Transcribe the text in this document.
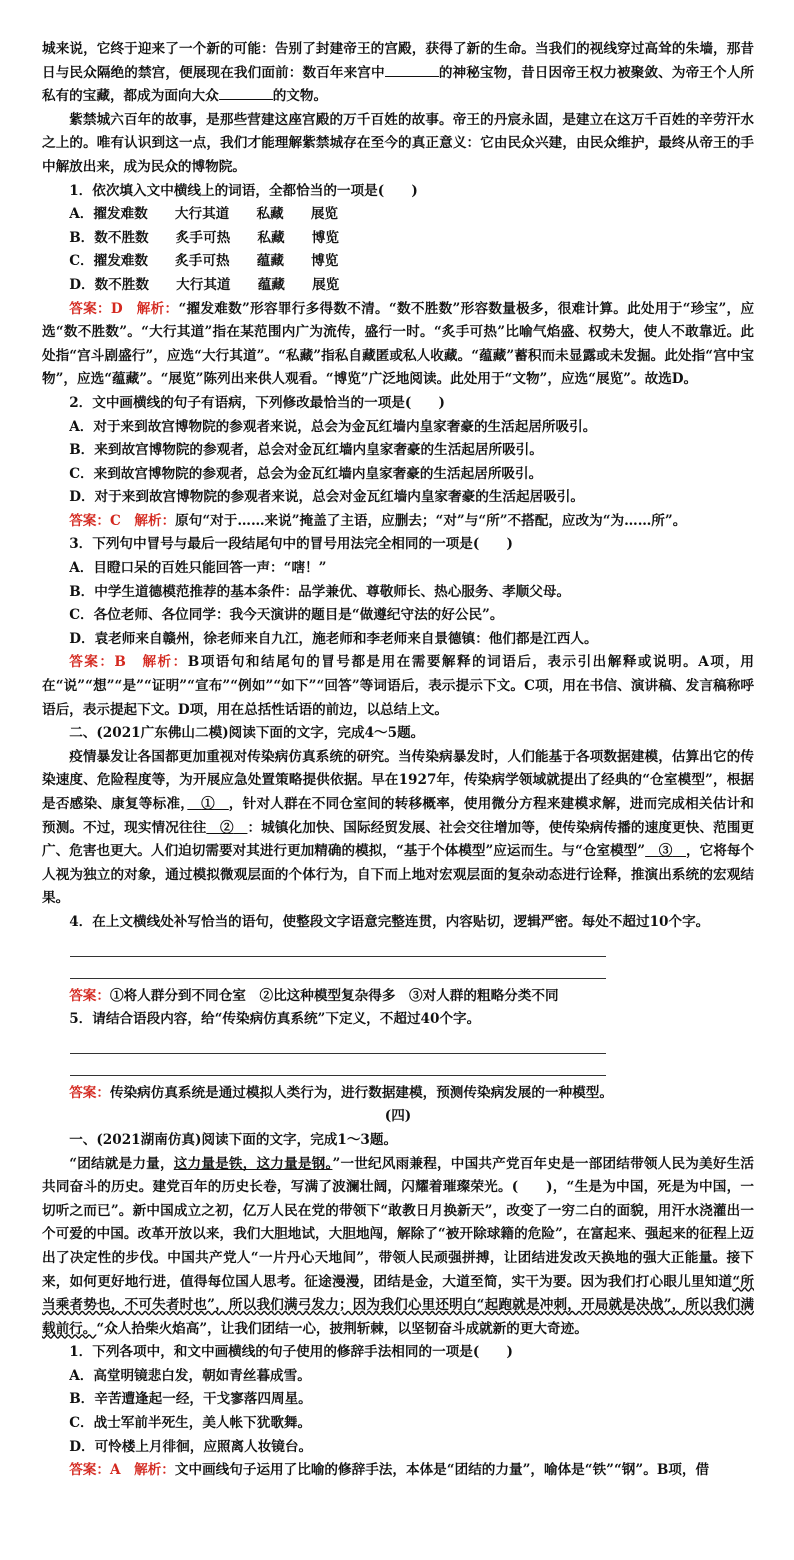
城来说，它终于迎来了一个新的可能：告别了封建帝王的宫殿，获得了新的生命。当我们的视线穿过高耸的朱墙，那昔日与民众隔绝的禁宫，便展现在我们面前：数百年来宫中	的神秘宝物，昔日因帝王权力被聚敛、为帝王个人所私有的宝藏，都成为面向大众	的文物。

紫禁城六百年的故事，是那些营建这座宫殿的万千百姓的故事。帝王的丹宸永固，是建立在这万千百姓的辛劳汗水之上的。唯有认识到这一点，我们才能理解紫禁城存在至今的真正意义：它由民众兴建，由民众维护，最终从帝王的手中解放出来，成为民众的博物院。

1．依次填入文中横线上的词语，全都恰当的一项是(　　)

A．擢发难数　　大行其道　　私藏　　展览

B．数不胜数　　炙手可热　　私藏　　博览

C．擢发难数　　炙手可热　　蕴藏　　博览

D．数不胜数　　大行其道　　蕴藏　　展览

答案：D　 解析：“擢发难数”形容罪行多得数不清。“数不胜数”形容数量极多，很难计算。此处用于“珍宝”，应选“数不胜数”。“大行其道”指在某范围内广为流传，盛行一时。“炙手可热”比喻气焰盛、权势大，使人不敢靠近。此处指“宫斗剧盛行”，应选“大行其道”。“私藏”指私自藏匿或私人收藏。“蕴藏”蓄积而未显露或未发掘。此处指“宫中宝物”，应选“蕴藏”。“展览”陈列出来供人观看。“博览”广泛地阅读。此处用于“文物”，应选“展览”。故选D。

2．文中画横线的句子有语病，下列修改最恰当的一项是(　　)

A．对于来到故宫博物院的参观者来说，总会为金瓦红墙内皇家奢豪的生活起居所吸引。

B．来到故宫博物院的参观者，总会对金瓦红墙内皇家奢豪的生活起居所吸引。

C．来到故宫博物院的参观者，总会为金瓦红墙内皇家奢豪的生活起居所吸引。

D．对于来到故宫博物院的参观者来说，总会对金瓦红墙内皇家奢豪的生活起居吸引。

答案：C　 解析：原句“对于……来说”掩盖了主语，应删去；“对”与“所”不搭配，应改为“为……所”。

3．下列句中冒号与最后一段结尾句中的冒号用法完全相同的一项是(　　)

A．目瞪口呆的百姓只能回答一声：“嗐！”

B．中学生道德模范推荐的基本条件：品学兼优、尊敬师长、热心服务、孝顺父母。

C．各位老师、各位同学：我今天演讲的题目是“做遵纪守法的好公民”。

D．袁老师来自赣州，徐老师来自九江，施老师和李老师来自景德镇：他们都是江西人。

答案：B　 解析：B项语句和结尾句的冒号都是用在需要解释的词语后，表示引出解释或说明。A项，用在“说”“想”“是”“证明”“宣布”“例如”“如下”“回答”等词语后，表示提示下文。C项，用在书信、演讲稿、发言稿称呼语后，表示提起下文。D项，用在总括性话语的前边，以总结上文。

二、(2021广东佛山二模)阅读下面的文字，完成4～5题。

疫情暴发让各国都更加重视对传染病仿真系统的研究。当传染病暴发时，人们能基于各项数据建模，估算出它的传染速度、危险程度等，为开展应急处置策略提供依据。早在1927年，传染病学领域就提出了经典的“仓室模型”，根据是否感染、康复等标准，　 ①　 ，针对人群在不同仓室间的转移概率，使用微分方程来建模求解，进而完成相关估计和预测。不过，现实情况往往　 ②　 ：城镇化加快、国际经贸发展、社会交往增加等，使传染病传播的速度更快、范围更广、危害也更大。人们迫切需要对其进行更加精确的模拟，“基于个体模型”应运而生。与“仓室模型”　 ③　 ，它将每个人视为独立的对象，通过模拟微观层面的个体行为，自下而上地对宏观层面的复杂动态进行诠释，推演出系统的宏观结果。

4．在上文横线处补写恰当的语句，使整段文字语意完整连贯，内容贴切，逻辑严密。每处不超过10个字。

答案：①将人群分到不同仓室　②比这种模型复杂得多　③对人群的粗略分类不同

5．请结合语段内容，给“传染病仿真系统”下定义，不超过40个字。

答案：传染病仿真系统是通过模拟人类行为，进行数据建模，预测传染病发展的一种模型。

(四)

一、(2021湖南仿真)阅读下面的文字，完成1～3题。

“团结就是力量，这力量是铁，这力量是钢。”一世纪风雨兼程，中国共产党百年史是一部团结带领人民为美好生活共同奋斗的历史。建党百年的历史长卷，写满了波澜壮阔，闪耀着璀璨荣光。(　　)，“生是为中国，死是为中国，一切听之而已”。新中国成立之初，亿万人民在党的带领下“敢教日月换新天”，改变了一穷二白的面貌，用汗水浇灌出一个可爱的中国。改革开放以来，我们大胆地试，大胆地闯，解除了“被开除球籍的危险”，在富起来、强起来的征程上迈出了决定性的步伐。中国共产党人“一片丹心天地间”，带领人民顽强拼搏，让团结进发改天换地的强大正能量。接下来，如何更好地行进，值得每位国人思考。征途漫漫，团结是金，大道至简，实干为要。因为我们打心眼儿里知道“所当乘者势也，不可失者时也”，所以我们满弓发力；因为我们心里还明白“起跑就是冲刺，开局就是决战”，所以我们满载前行。“众人拾柴火焰高”，让我们团结一心，披荆斩棘，以坚韧奋斗成就新的更大奇迹。

1．下列各项中，和文中画横线的句子使用的修辞手法相同的一项是(　　)

A．高堂明镜悲白发，朝如青丝暮成雪。

B．辛苦遭逢起一经，干戈寥落四周星。

C．战士军前半死生，美人帐下犹歌舞。

D．可怜楼上月徘徊，应照离人妆镜台。

答案：A　 解析：文中画线句子运用了比喻的修辞手法，本体是“团结的力量”，喻体是“铁”“钢”。B项，借
